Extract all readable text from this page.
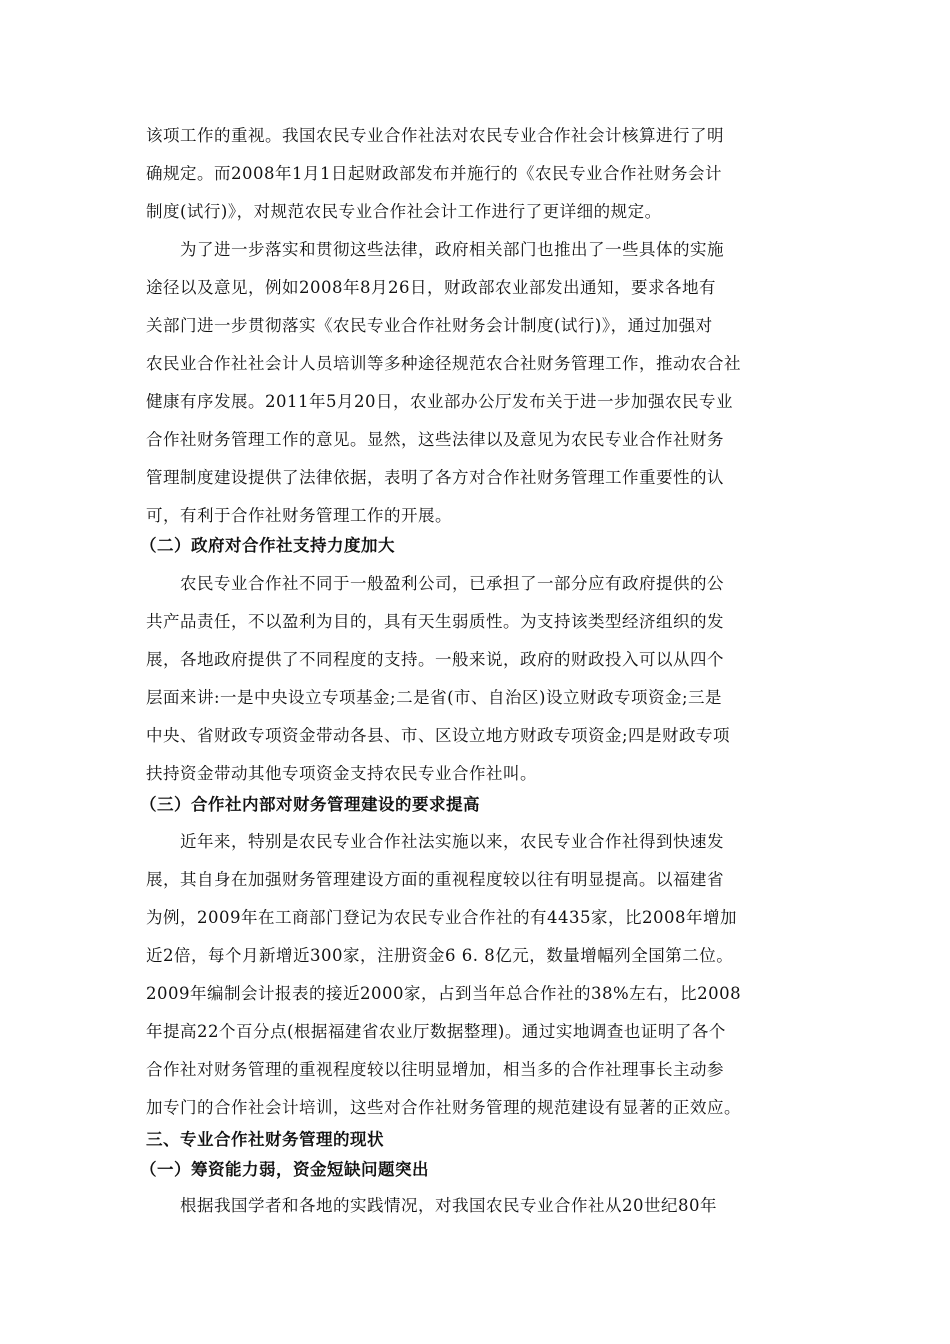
该项工作的重视。我国农民专业合作社法对农民专业合作社会计核算进行了明
确规定。而2008年1月1日起财政部发布并施行的《农民专业合作社财务会计
制度(试行)》，对规范农民专业合作社会计工作进行了更详细的规定。
为了进一步落实和贯彻这些法律，政府相关部门也推出了一些具体的实施
途径以及意见，例如2008年8月26日，财政部农业部发出通知，要求各地有
关部门进一步贯彻落实《农民专业合作社财务会计制度(试行)》，通过加强对
农民业合作社社会计人员培训等多种途径规范农合社财务管理工作，推动农合社
健康有序发展。2011年5月20日，农业部办公厅发布关于进一步加强农民专业
合作社财务管理工作的意见。显然，这些法律以及意见为农民专业合作社财务
管理制度建设提供了法律依据，表明了各方对合作社财务管理工作重要性的认
可，有利于合作社财务管理工作的开展。
（二）政府对合作社支持力度加大
农民专业合作社不同于一般盈利公司，已承担了一部分应有政府提供的公
共产品责任，不以盈利为目的，具有天生弱质性。为支持该类型经济组织的发
展，各地政府提供了不同程度的支持。一般来说，政府的财政投入可以从四个
层面来讲:一是中央设立专项基金;二是省(市、自治区)设立财政专项资金;三是
中央、省财政专项资金带动各县、市、区设立地方财政专项资金;四是财政专项
扶持资金带动其他专项资金支持农民专业合作社叫。
（三）合作社内部对财务管理建设的要求提高
近年来，特别是农民专业合作社法实施以来，农民专业合作社得到快速发
展，其自身在加强财务管理建设方面的重视程度较以往有明显提高。以福建省
为例，2009年在工商部门登记为农民专业合作社的有4435家，比2008年增加
近2倍，每个月新增近300家，注册资金6 6. 8亿元，数量增幅列全国第二位。
2009年编制会计报表的接近2000家，占到当年总合作社的38%左右，比2008
年提高22个百分点(根据福建省农业厅数据整理)。通过实地调查也证明了各个
合作社对财务管理的重视程度较以往明显增加，相当多的合作社理事长主动参
加专门的合作社会计培训，这些对合作社财务管理的规范建设有显著的正效应。
三、专业合作社财务管理的现状
（一）筹资能力弱，资金短缺问题突出
根据我国学者和各地的实践情况，对我国农民专业合作社从20世纪80年
